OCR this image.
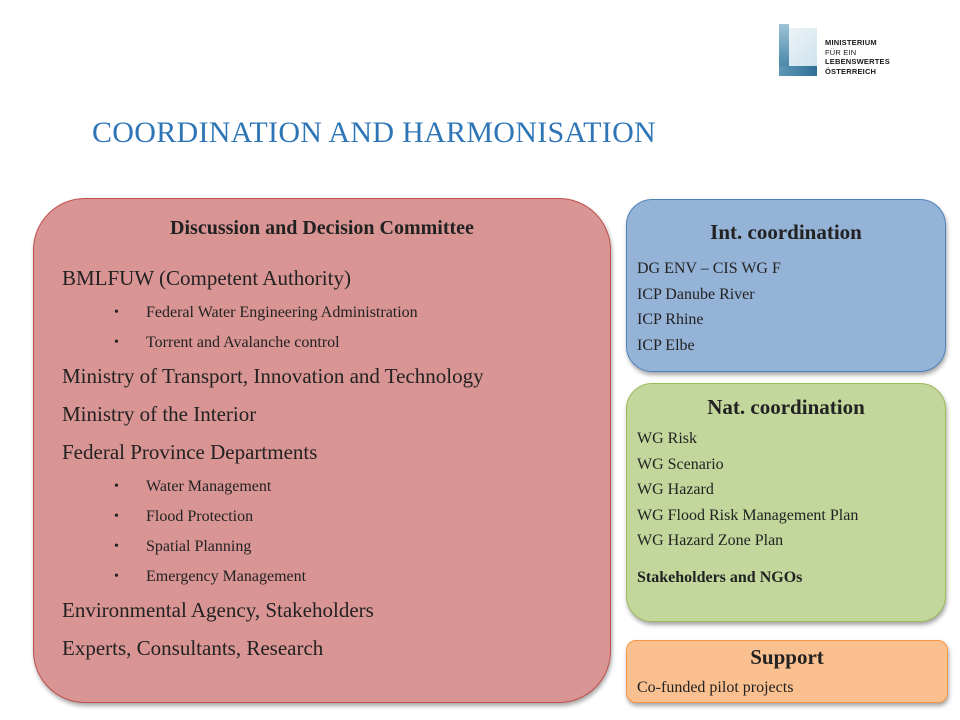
MINISTERIUM
FÜR EIN
LEBENSWERTES
ÖSTERREICH
COORDINATION AND HARMONISATION
Discussion and Decision Committee
BMLFUW (Competent Authority)
• Federal Water Engineering Administration
• Torrent and Avalanche control
Ministry of Transport, Innovation and Technology
Ministry of the Interior
Federal Province Departments
• Water Management
• Flood Protection
• Spatial Planning
• Emergency Management
Environmental Agency, Stakeholders
Experts, Consultants, Research
Int. coordination
DG ENV – CIS WG F
ICP Danube River
ICP Rhine
ICP Elbe
Nat. coordination
WG Risk
WG Scenario
WG Hazard
WG Flood Risk Management Plan
WG Hazard Zone Plan
Stakeholders and NGOs
Support
Co-funded pilot projects
